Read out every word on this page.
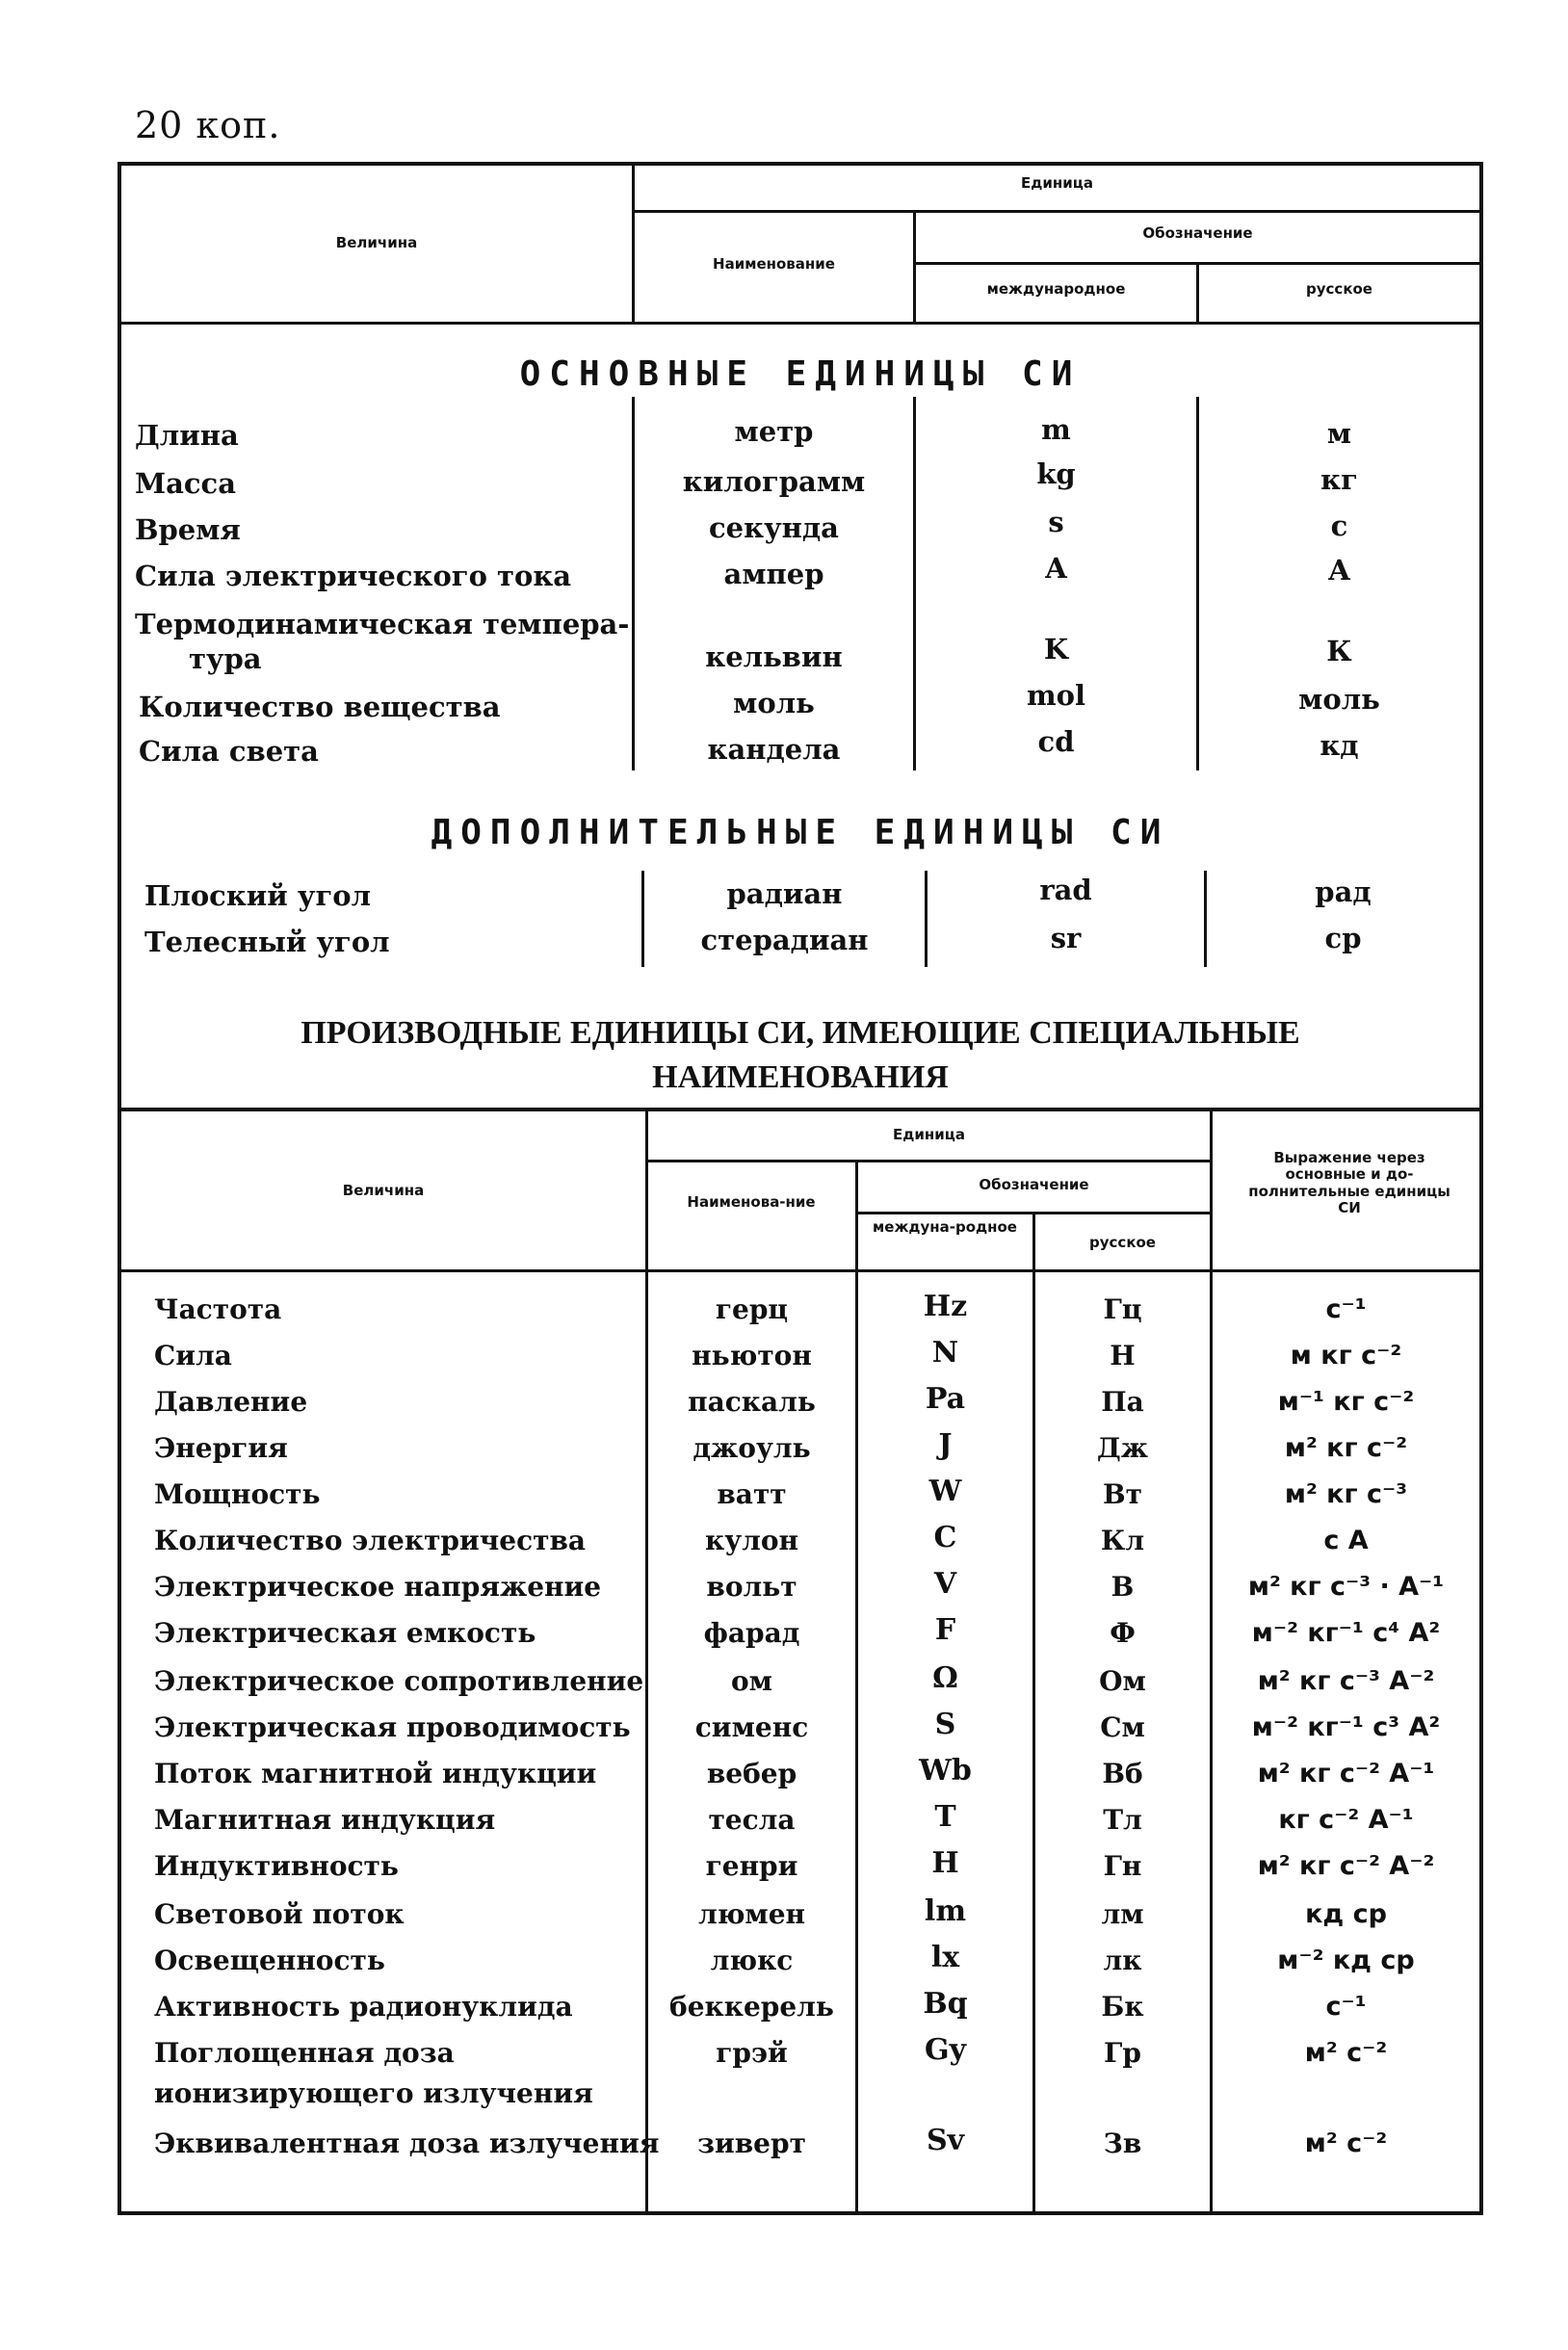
20 коп.
Величина
Единица
Наименование
Обозначение
международное	русское
ОСНОВНЫЕ ЕДИНИЦЫ СИ
Длина	метр	m	м
Масса	килограмм	kg	кг
Время	секунда	s	с
Сила электрического тока	ампер	A	А
Термодинамическая темпера-
тура	кельвин	K	К
Количество вещества	моль	mol	моль
Сила света	кандела	cd	кд
ДОПОЛНИТЕЛЬНЫЕ ЕДИНИЦЫ СИ
Плоский угол	радиан	rad	рад
Телесный угол	стерадиан	sr	ср
ПРОИЗВОДНЫЕ ЕДИНИЦЫ СИ, ИМЕЮЩИЕ СПЕЦИАЛЬНЫЕ
НАИМЕНОВАНИЯ
Величина
Единица
Наименова-ние
Обозначение
междуна-родное
русское
Выражение через основные и до-полнительные единицы СИ
Частота	герц	Hz	Гц	с⁻¹
Сила	ньютон	N	Н	м кг с⁻²
Давление	паскаль	Pa	Па	м⁻¹ кг с⁻²
Энергия	джоуль	J	Дж	м² кг с⁻²
Мощность	ватт	W	Вт	м² кг с⁻³
Количество электричества	кулон	C	Кл	с А
Электрическое напряжение	вольт	V	В	м² кг с⁻³ · А⁻¹
Электрическая емкость	фарад	F	Ф	м⁻² кг⁻¹ с⁴ А²
Электрическое сопротивление	ом	Ω	Ом	м² кг с⁻³ А⁻²
Электрическая проводимость	сименс	S	См	м⁻² кг⁻¹ с³ А²
Поток магнитной индукции	вебер	Wb	Вб	м² кг с⁻² А⁻¹
Магнитная индукция	тесла	T	Тл	кг с⁻² А⁻¹
Индуктивность	генри	H	Гн	м² кг с⁻² А⁻²
Световой поток	люмен	lm	лм	кд ср
Освещенность	люкс	lx	лк	м⁻² кд ср
Активность радионуклида	беккерель	Bq	Бк	с⁻¹
Поглощенная доза
ионизирующего излучения
грэй	Gy	Гр	м² с⁻²
Эквивалентная доза излучения	зиверт	Sv	Зв	м² с⁻²
